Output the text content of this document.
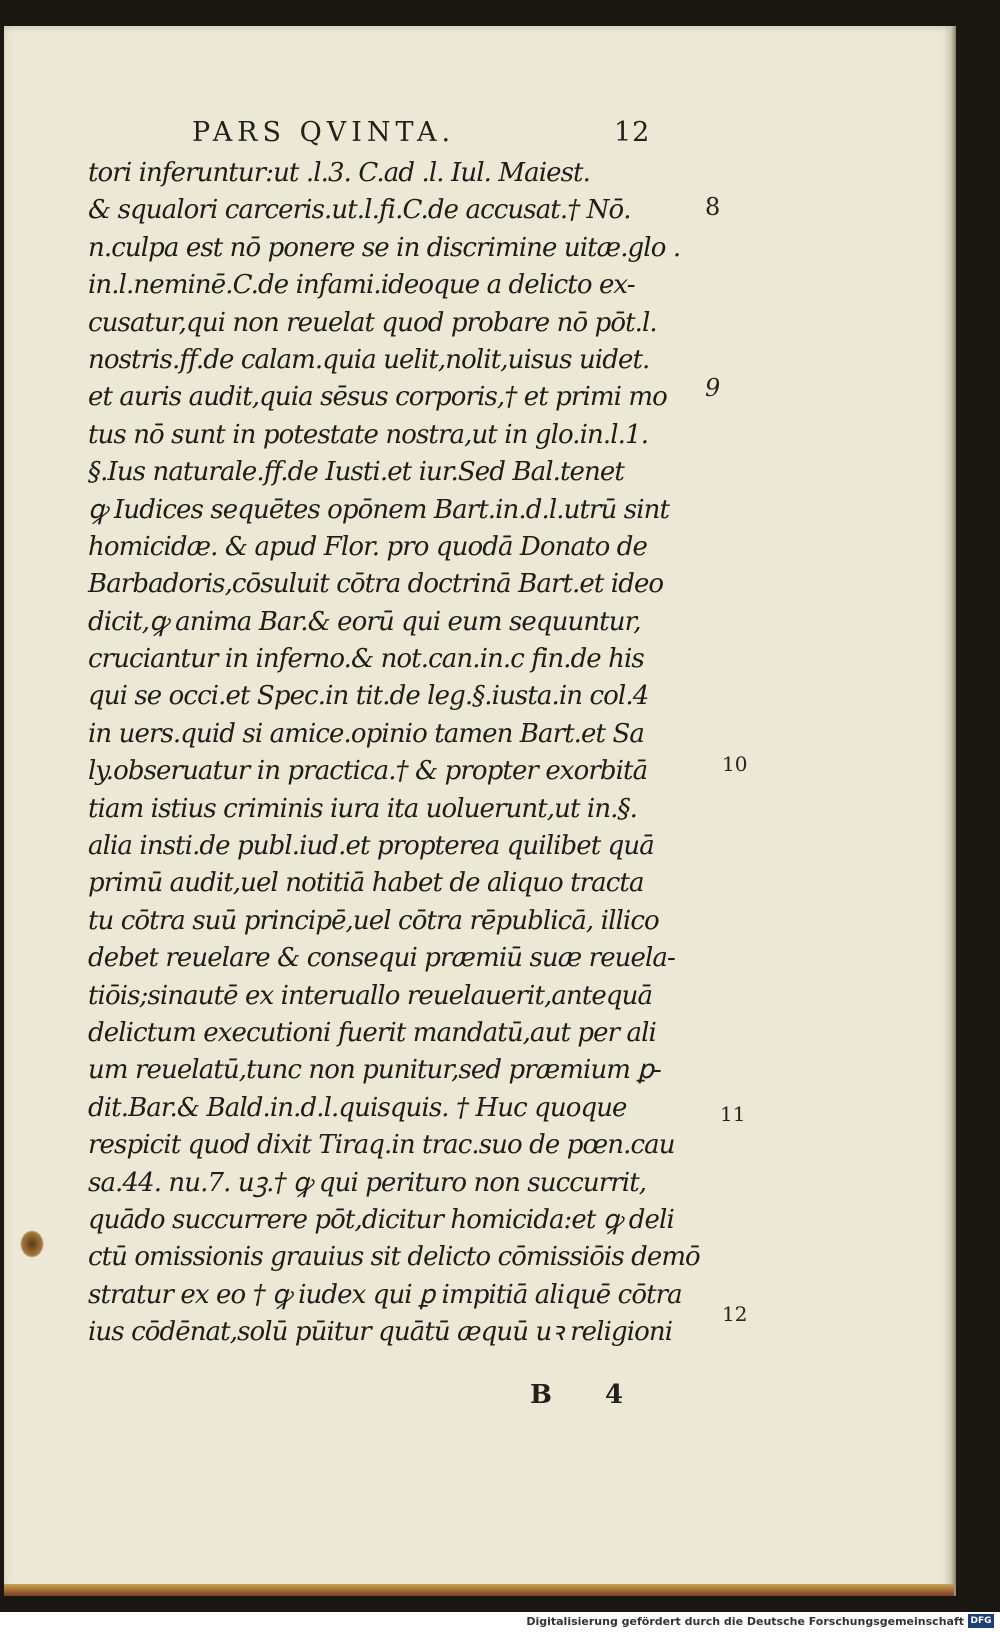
PARS QVINTA.	12
tori inferuntur:ut .l.3. C.ad .l. Iul. Maiest.
& squalori carceris.ut.l.fi.C.de accusat.† Nō.
n.culpa est nō ponere se in discrimine uitæ.glo .
in.l.neminē.C.de infami.ideoque a delicto ex-
cusatur,qui non reuelat quod probare nō pōt.l.
nostris.ff.de calam.quia uelit,nolit,uisus uidet.
et auris audit,quia sēsus corporis,† et primi mo
tus nō sunt in potestate nostra,ut in glo.in.l.1.
§.Ius naturale.ff.de Iusti.et iur.Sed Bal.tenet
ꝙ Iudices sequētes opōnem Bart.in.d.l.utrū sint
homicidæ. & apud Flor. pro quodā Donato de
Barbadoris,cōsuluit cōtra doctrinā Bart.et ideo
dicit,ꝙ anima Bar.& eorū qui eum sequuntur,
cruciantur in inferno.& not.can.in.c fin.de his
qui se occi.et Spec.in tit.de leg.§.iusta.in col.4
in uers.quid si amice.opinio tamen Bart.et Sa
ly.obseruatur in practica.† & propter exorbitā
tiam istius criminis iura ita uoluerunt,ut in.§.
alia insti.de publ.iud.et propterea quilibet quā
primū audit,uel notitiā habet de aliquo tracta
tu cōtra suū principē,uel cōtra rēpublicā, illico
debet reuelare & consequi præmiū suæ reuela-
tiōis;sinautē ex interuallo reuelauerit,antequā
delictum executioni fuerit mandatū,aut per ali
um reuelatū,tunc non punitur,sed præmium ꝑ-
dit.Bar.& Bald.in.d.l.quisquis. † Huc quoque
respicit quod dixit Tiraq.in trac.suo de pœn.cau
sa.44. nu.7. uꝫ.† ꝙ qui perituro non succurrit,
quādo succurrere pōt,dicitur homicida:et ꝙ deli
ctū omissionis grauius sit delicto cōmissiōis demō
stratur ex eo † ꝙ iudex qui ꝑ impitiā aliquē cōtra
ius cōdēnat,solū pūitur quātū æquū uꝛ religioni
8
9
10
11
12
B 4
Digitalisierung gefördert durch die Deutsche Forschungsgemeinschaft DFG
